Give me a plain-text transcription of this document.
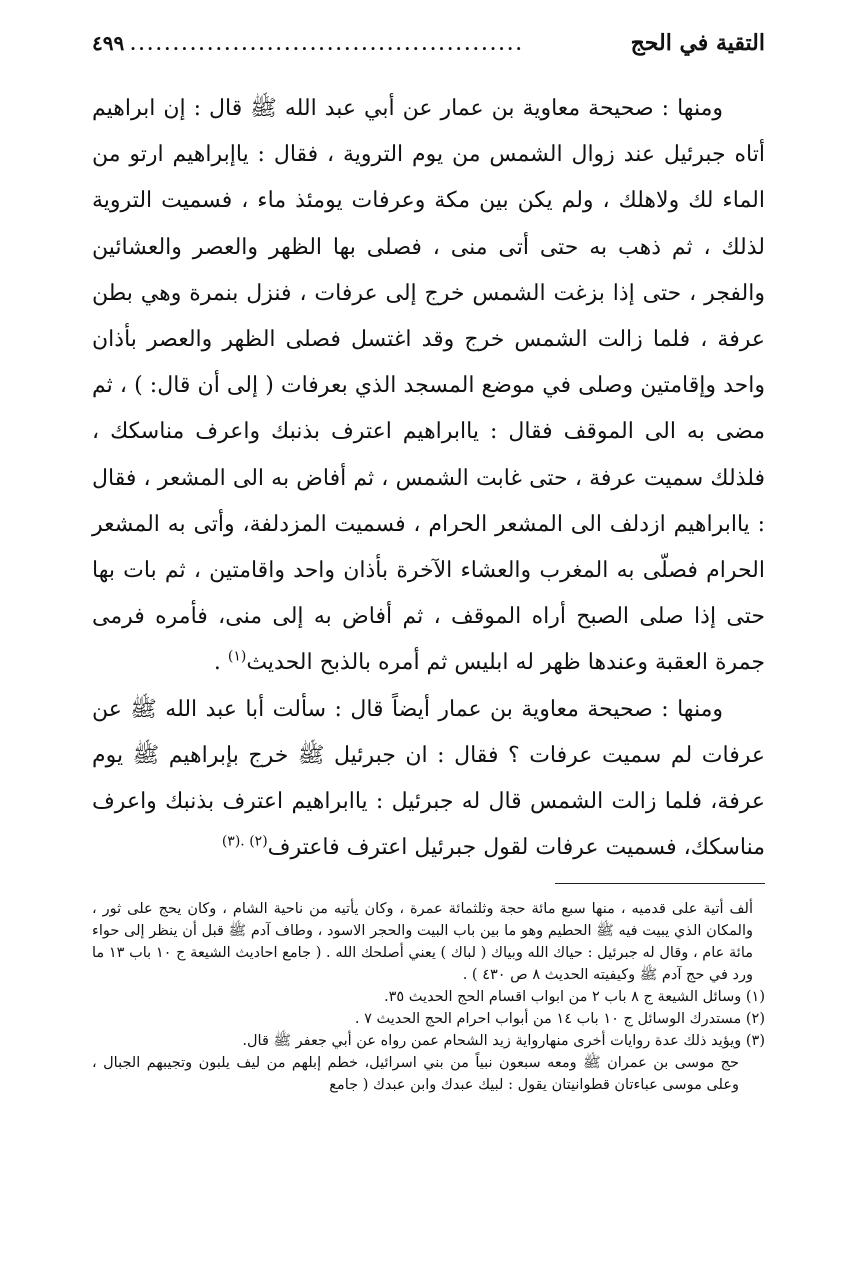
التقية في الحج
..............................................
٤٩٩

ومنها : صحيحة معاوية بن عمار عن أبي عبد الله ﷺ قال : إن ابراهيم أتاه جبرئيل عند زوال الشمس من يوم التروية ، فقال : ياإبراهيم ارتو من الماء لك ولاهلك ، ولم يكن بين مكة وعرفات يومئذ ماء ، فسميت التروية لذلك ، ثم ذهب به حتى أتى منى ، فصلى بها الظهر والعصر والعشائين والفجر ، حتى إذا بزغت الشمس خرج إلى عرفات ، فنزل بنمرة وهي بطن عرفة ، فلما زالت الشمس خرج وقد اغتسل فصلى الظهر والعصر بأذان واحد وإقامتين وصلى في موضع المسجد الذي بعرفات ( إلى أن قال: ) ، ثم مضى به الى الموقف فقال : ياابراهيم اعترف بذنبك واعرف مناسكك ، فلذلك سميت عرفة ، حتى غابت الشمس ، ثم أفاض به الى المشعر ، فقال : ياابراهيم ازدلف الى المشعر الحرام ، فسميت المزدلفة، وأتى به المشعر الحرام فصلّى به المغرب والعشاء الآخرة بأذان واحد واقامتين ، ثم بات بها حتى إذا صلى الصبح أراه الموقف ، ثم أفاض به إلى منى، فأمره فرمى جمرة العقبة وعندها ظهر له ابليس ثم أمره بالذبح الحديث$^{(١)}$ .

ومنها : صحيحة معاوية بن عمار أيضاً قال : سألت أبا عبد الله ﷺ عن عرفات لم سميت عرفات ؟ فقال : ان جبرئيل ﷺ خرج بإبراهيم ﷺ يوم عرفة، فلما زالت الشمس قال له جبرئيل : ياابراهيم اعترف بذنبك واعرف مناسكك، فسميت عرفات لقول جبرئيل اعترف فاعترف$^{(٢) .(٣)}$

ألف أتية على قدميه ، منها سبع مائة حجة وثلثمائة عمرة ، وكان يأتيه من ناحية الشام ، وكان يحج على ثور ، والمكان الذي يبيت فيه ﷺ الحطيم وهو ما بين باب البيت والحجر الاسود ، وطاف آدم ﷺ قبل أن ينظر إلى حواء مائة عام ، وقال له جبرئيل : حياك الله وبياك ( لباك ) يعني أصلحك الله . ( جامع احاديث الشيعة ج ١٠ باب ١٣ ما ورد في حج آدم ﷺ وكيفيته الحديث ٨ ص ٤٣٠ ) .

(١) وسائل الشيعة ج ٨ باب ٢ من ابواب اقسام الحج الحديث ٣٥.

(٢) مستدرك الوسائل ج ١٠ باب ١٤ من أبواب احرام الحج الحديث ٧ .

(٣) ويؤيد ذلك عدة روايات أخرى منهارواية زيد الشحام عمن رواه عن أبي جعفر ﷺ قال.

حج موسى بن عمران ﷺ ومعه سبعون نبياً من بني اسرائيل، خطم إبلهم من ليف يلبون وتجيبهم الجبال ، وعلى موسى عباءتان قطوانيتان يقول : لبيك عبدك وابن عبدك ( جامع
